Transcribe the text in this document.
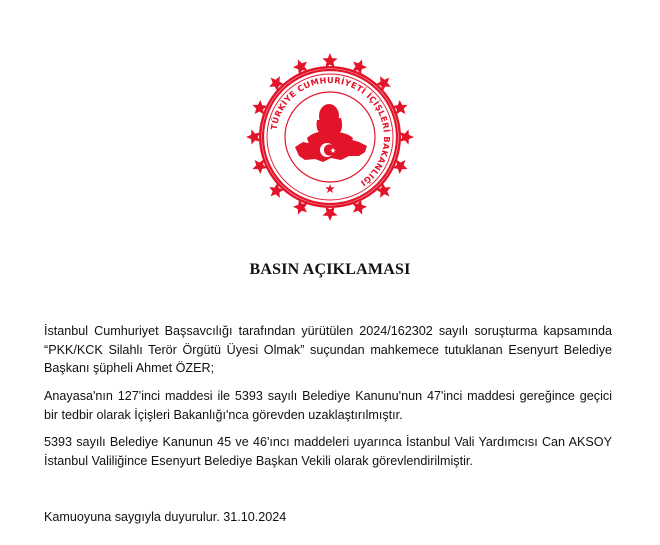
TÜRKİYE CUMHURİYETİ İÇİŞLERİ BAKANLIĞI
BASIN AÇIKLAMASI
İstanbul Cumhuriyet Başsavcılığı tarafından yürütülen 2024/162302 sayılı soruşturma kapsamında “PKK/KCK Silahlı Terör Örgütü Üyesi Olmak” suçundan mahkemece tutuklanan Esenyurt Belediye Başkanı şüpheli Ahmet ÖZER;
Anayasa'nın 127'inci maddesi ile 5393 sayılı Belediye Kanunu'nun 47'inci maddesi gereğince geçici bir tedbir olarak İçişleri Bakanlığı'nca görevden uzaklaştırılmıştır.
5393 sayılı Belediye Kanunun 45 ve 46'ıncı maddeleri uyarınca İstanbul Vali Yardımcısı Can AKSOY İstanbul Valiliğince Esenyurt Belediye Başkan Vekili olarak görevlendirilmiştir.
Kamuoyuna saygıyla duyurulur. 31.10.2024
